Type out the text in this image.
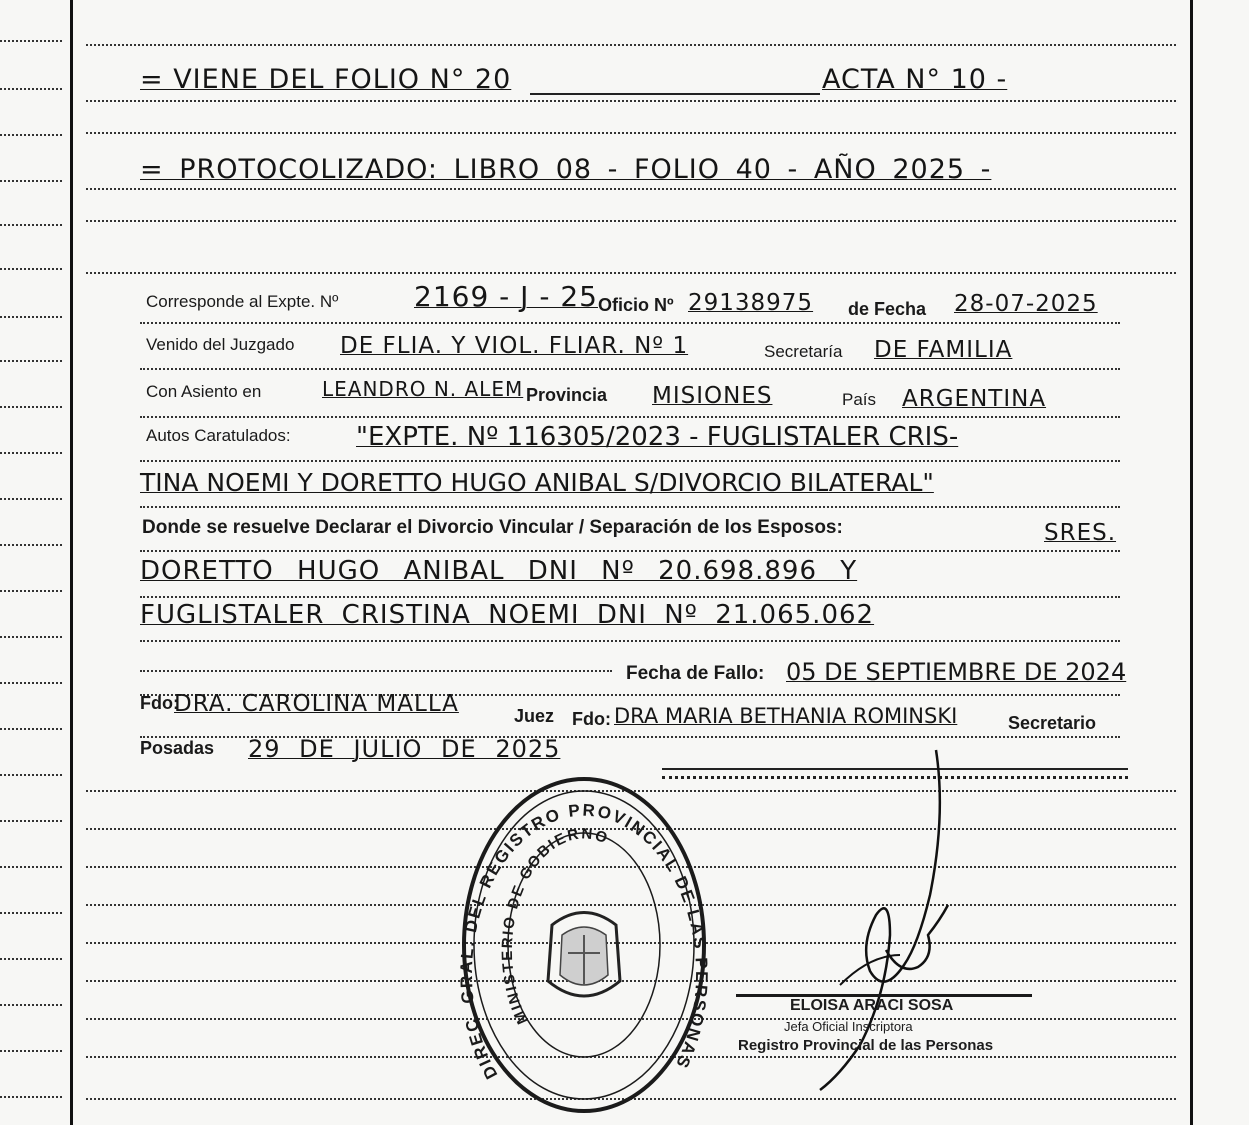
= VIENE DEL FOLIO N° 20	ACTA N° 10 -
= PROTOCOLIZADO: LIBRO 08 - FOLIO 40 - AÑO 2025 -
Corresponde al Expte. Nº	2169 - J - 25 Oficio Nº 29138975 de Fecha 28-07-2025
Venido del Juzgado DE FLIA. Y VIOL. FLIAR. Nº 1	Secretaría DE FAMILIA
Con Asiento en	LEANDRO N. ALEM Provincia MISIONES	País ARGENTINA
Autos Caratulados:	"EXPTE. Nº 116305/2023 - FUGLISTALER CRIS-
TINA NOEMI Y DORETTO HUGO ANIBAL S/DIVORCIO BILATERAL"
Donde se resuelve Declarar el Divorcio Vincular / Separación de los Esposos:	SRES.
DORETTO HUGO ANIBAL DNI Nº 20.698.896 Y
FUGLISTALER CRISTINA NOEMI DNI Nº 21.065.062
Fecha de Fallo: 05 DE SEPTIEMBRE DE 2024
Fdo:
DRA. CAROLINA MALLA	Juez Fdo: DRA MARIA BETHANIA ROMINSKI	Secretario
Posadas 29 DE JULIO DE 2025
DIREC. GRAL. DEL REGISTRO PROVINCIAL DE LAS PERSONAS
MINISTERIO DE GOBIERNO
ELOISA ARACI SOSA
Jefa Oficial Inscriptora
Registro Provincial de las Personas
